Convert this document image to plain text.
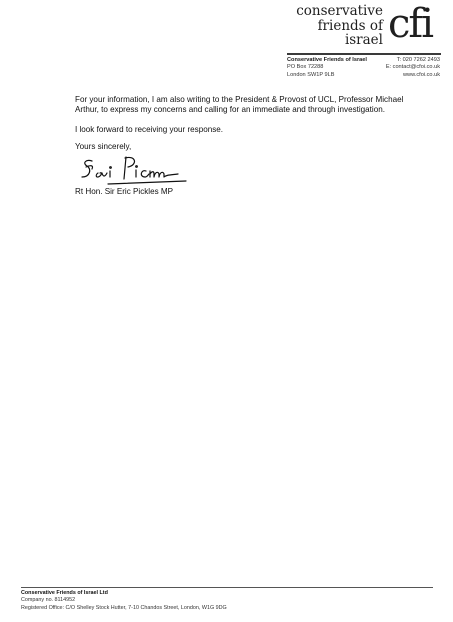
conservative
friends of
israel cfi
Conservative Friends of Israel
PO Box 72288
London SW1P 9LB
T: 020 7262 2493
E: contact@cfoi.co.uk
www.cfoi.co.uk
For your information, I am also writing to the President & Provost of UCL, Professor Michael Arthur, to express my concerns and calling for an immediate and through investigation.
I look forward to receiving your response.
Yours sincerely,
Rt Hon. Sir Eric Pickles MP
Conservative Friends of Israel Ltd
Company no. 8114952
Registered Office: C/O Shelley Stock Hutter, 7-10 Chandos Street, London, W1G 9DG
